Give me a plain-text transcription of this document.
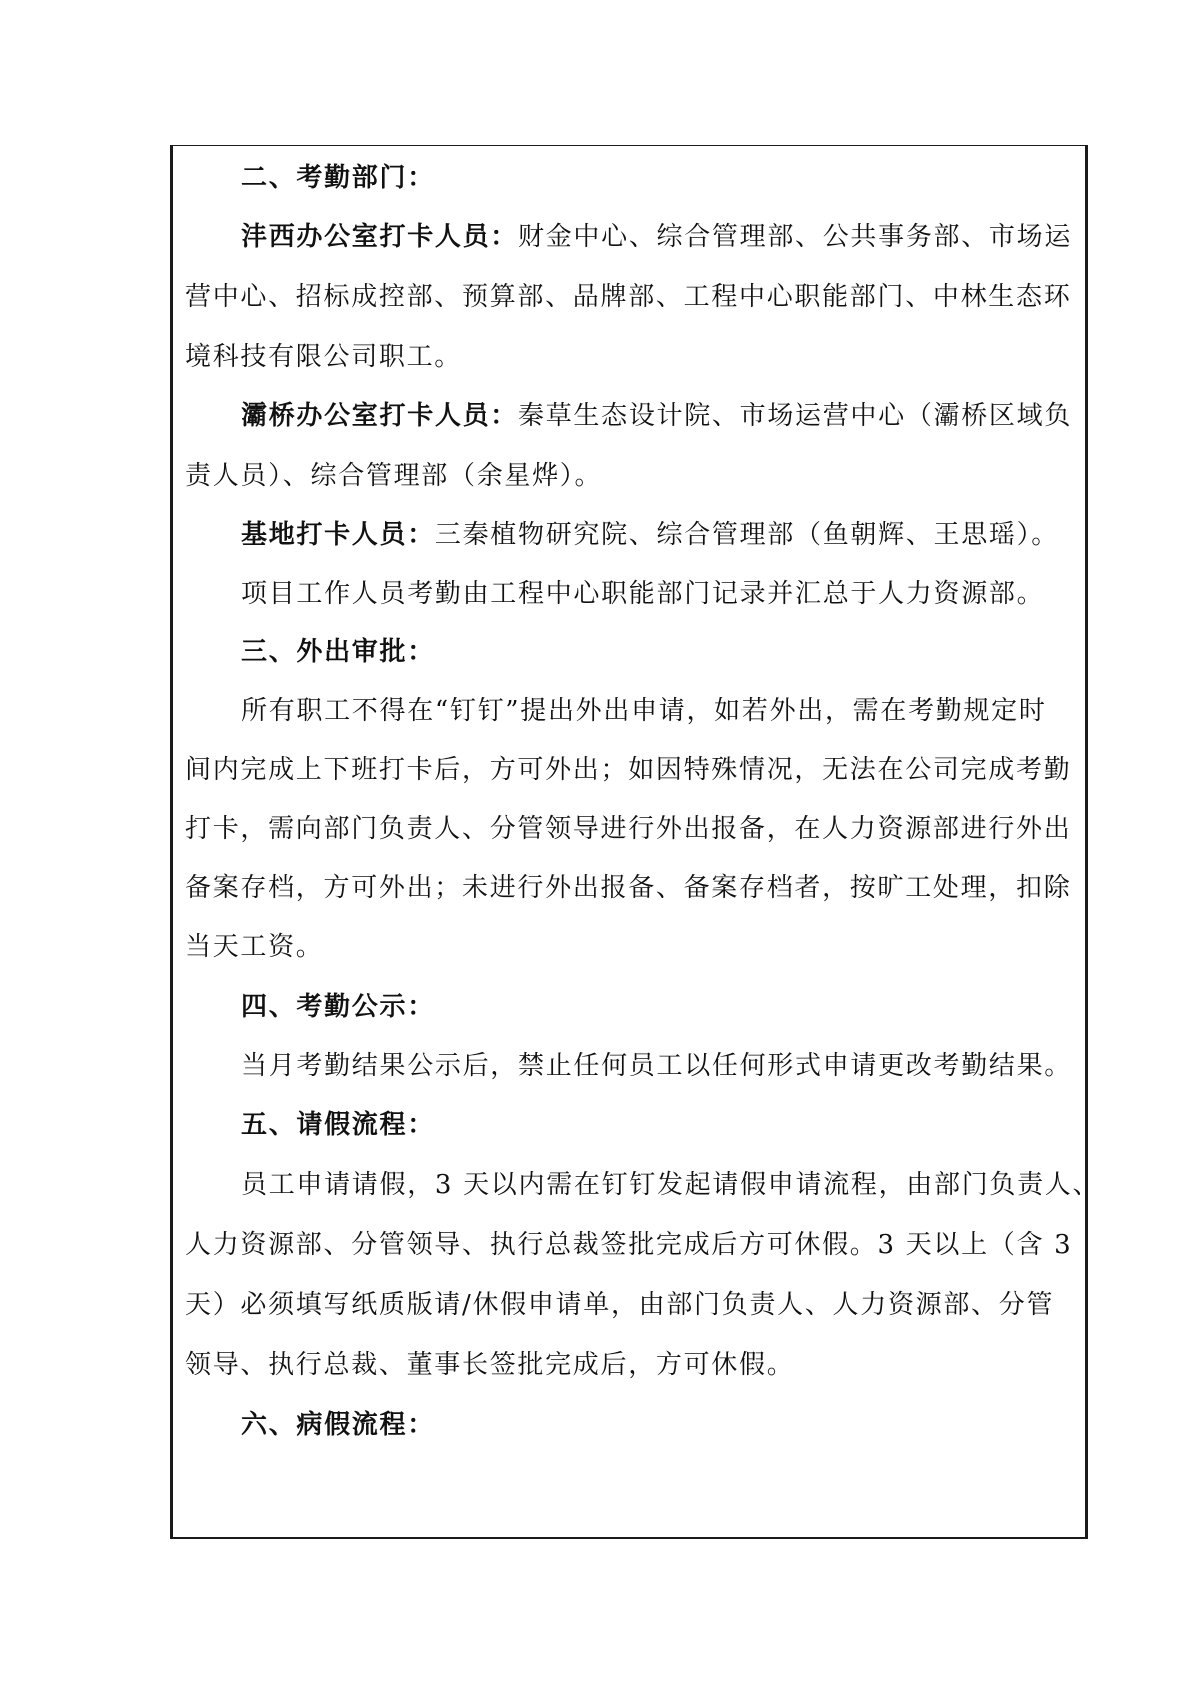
二、考勤部门：

沣西办公室打卡人员：财金中心、综合管理部、公共事务部、市场运

营中心、招标成控部、预算部、品牌部、工程中心职能部门、中林生态环

境科技有限公司职工。

灞桥办公室打卡人员：秦草生态设计院、市场运营中心（灞桥区域负

责人员）、综合管理部（余星烨）。

基地打卡人员：三秦植物研究院、综合管理部（鱼朝辉、王思瑶）。

项目工作人员考勤由工程中心职能部门记录并汇总于人力资源部。

三、外出审批：

所有职工不得在“钉钉”提出外出申请，如若外出，需在考勤规定时

间内完成上下班打卡后，方可外出；如因特殊情况，无法在公司完成考勤

打卡，需向部门负责人、分管领导进行外出报备，在人力资源部进行外出

备案存档，方可外出；未进行外出报备、备案存档者，按旷工处理，扣除

当天工资。

四、考勤公示：

当月考勤结果公示后，禁止任何员工以任何形式申请更改考勤结果。

五、请假流程：

员工申请请假，3 天以内需在钉钉发起请假申请流程，由部门负责人、

人力资源部、分管领导、执行总裁签批完成后方可休假。3 天以上（含 3

天）必须填写纸质版请/休假申请单，由部门负责人、人力资源部、分管

领导、执行总裁、董事长签批完成后，方可休假。

六、病假流程：
